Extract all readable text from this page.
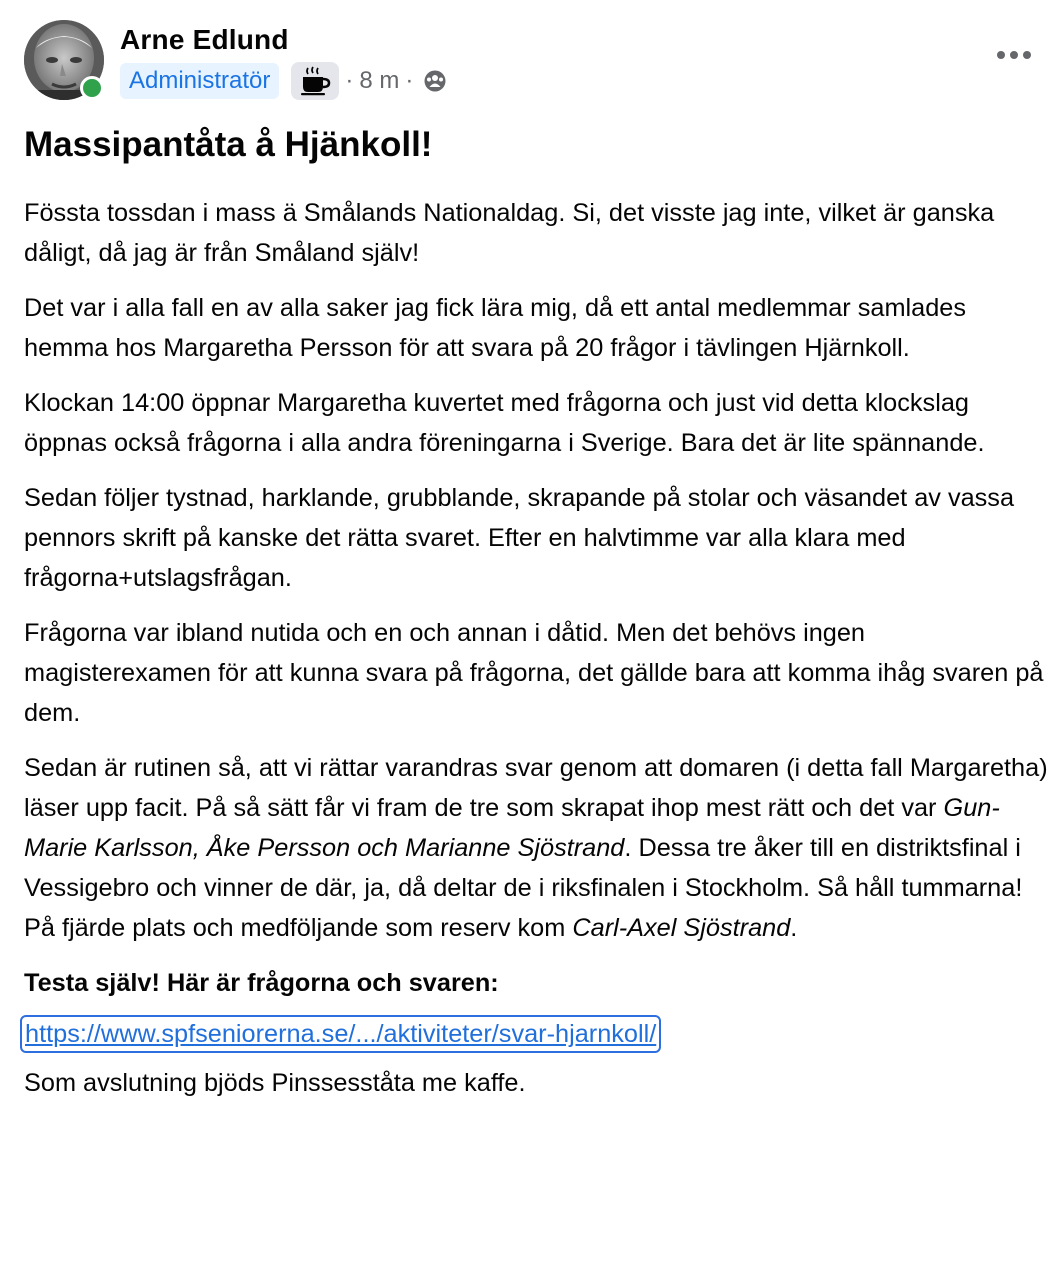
Arne Edlund
Administratör	· 8 m ·
Massipantåta å Hjänkoll!

Fössta tossdan i mass ä Smålands Nationaldag. Si, det visste jag inte, vilket är ganska dåligt, då jag är från Småland själv!

Det var i alla fall en av alla saker jag fick lära mig, då ett antal medlemmar samlades hemma hos Margaretha Persson för att svara på 20 frågor i tävlingen Hjärnkoll.

Klockan 14:00 öppnar Margaretha kuvertet med frågorna och just vid detta klockslag öppnas också frågorna i alla andra föreningarna i Sverige. Bara det är lite spännande.

Sedan följer tystnad, harklande, grubblande, skrapande på stolar och väsandet av vassa pennors skrift på kanske det rätta svaret. Efter en halvtimme var alla klara med frågorna+utslagsfrågan.

Frågorna var ibland nutida och en och annan i dåtid. Men det behövs ingen magisterexamen för att kunna svara på frågorna, det gällde bara att komma ihåg svaren på dem.

Sedan är rutinen så, att vi rättar varandras svar genom att domaren (i detta fall Margaretha) läser upp facit. På så sätt får vi fram de tre som skrapat ihop mest rätt och det var Gun-Marie Karlsson, Åke Persson och Marianne Sjöstrand. Dessa tre åker till en distriktsfinal i Vessigebro och vinner de där, ja, då deltar de i riksfinalen i Stockholm. Så håll tummarna! På fjärde plats och medföljande som reserv kom Carl-Axel Sjöstrand.

Testa själv! Här är frågorna och svaren:

https://www.spfseniorerna.se/.../aktiviteter/svar-hjarnkoll/

Som avslutning bjöds Pinssesståta me kaffe.
